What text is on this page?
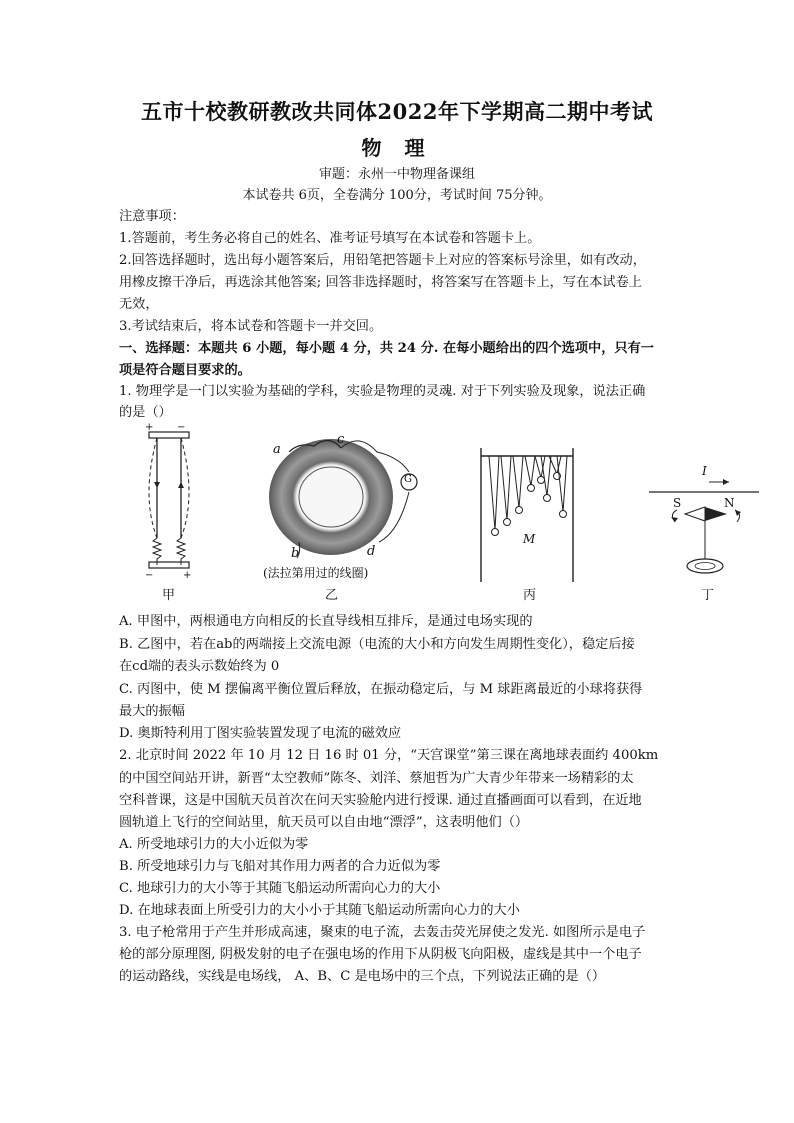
五市十校教研教改共同体2022年下学期高二期中考试
物 理
审题：永州一中物理备课组
本试卷共 6页，全卷满分 100分，考试时间 75分钟。
注意事项：
1.答题前，考生务必将自己的姓名、准考证号填写在本试卷和答题卡上。
2.回答选择题时，选出每小题答案后，用铅笔把答题卡上对应的答案标号涂里，如有改动，
用橡皮擦干净后，再选涂其他答案; 回答非选择题时，将答案写在答题卡上，写在本试卷上
无效，
3.考试结束后，将本试卷和答题卡一并交回。
一、选择题：本题共 6 小题，每小题 4 分，共 24 分. 在每小题给出的四个选项中，只有一
项是符合题目要求的。
1. 物理学是一门以实验为基础的学科，实验是物理的灵魂. 对于下列实验及现象，说法正确
的是（）
+ −
−	+
甲
a
c
b	d
G
(法拉第用过的线圈)
乙
M
丙
I
S	N
丁
A. 甲图中，两根通电方向相反的长直导线相互排斥，是通过电场实现的
B. 乙图中，若在ab的两端接上交流电源（电流的大小和方向发生周期性变化），稳定后接
在cd端的表头示数始终为 0
C. 丙图中，使 M 摆偏离平衡位置后释放，在振动稳定后，与 M 球距离最近的小球将获得
最大的振幅
D. 奥斯特利用丁图实验装置发现了电流的磁效应
2. 北京时间 2022 年 10 月 12 日 16 时 01 分，“天宫课堂”第三课在离地球表面约 400km
的中国空间站开讲，新晋“太空教师”陈冬、刘洋、蔡旭哲为广大青少年带来一场精彩的太
空科普课，这是中国航天员首次在问天实验舱内进行授课. 通过直播画面可以看到，在近地
圆轨道上飞行的空间站里，航天员可以自由地“漂浮”，这表明他们（）
A. 所受地球引力的大小近似为零
B. 所受地球引力与飞船对其作用力两者的合力近似为零
C. 地球引力的大小等于其随飞船运动所需向心力的大小
D. 在地球表面上所受引力的大小小于其随飞船运动所需向心力的大小
3. 电子枪常用于产生并形成高速，聚束的电子流，去轰击荧光屏使之发光. 如图所示是电子
枪的部分原理图, 阴极发射的电子在强电场的作用下从阴极飞向阳极，虚线是其中一个电子
的运动路线，实线是电场线， A、B、C 是电场中的三个点，下列说法正确的是（）
